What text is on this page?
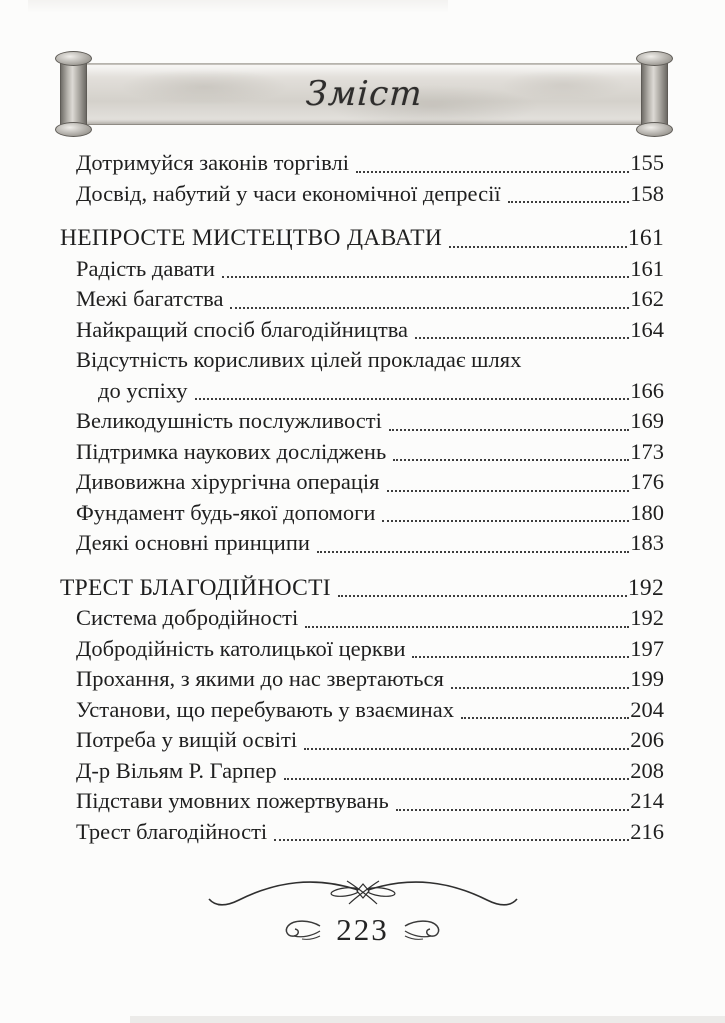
Зміст
Дотримуйся законів торгівлі	155
Досвід, набутий у часи економічної депресії	158
НЕПРОСТЕ МИСТЕЦТВО ДАВАТИ	161
Радість давати	161
Межі багатства	162
Найкращий спосіб благодійництва	164
Відсутність корисливих цілей прокладає шлях
до успіху	166
Великодушність послужливості	169
Підтримка наукових досліджень	173
Дивовижна хірургічна операція	176
Фундамент будь-якої допомоги	180
Деякі основні принципи	183
ТРЕСТ БЛАГОДІЙНОСТІ	192
Система добродійності	192
Добродійність католицької церкви	197
Прохання, з якими до нас звертаються	199
Установи, що перебувають у взаєминах	204
Потреба у вищій освіті	206
Д-р Вільям Р. Гарпер	208
Підстави умовних пожертвувань	214
Трест благодійності	216
223
